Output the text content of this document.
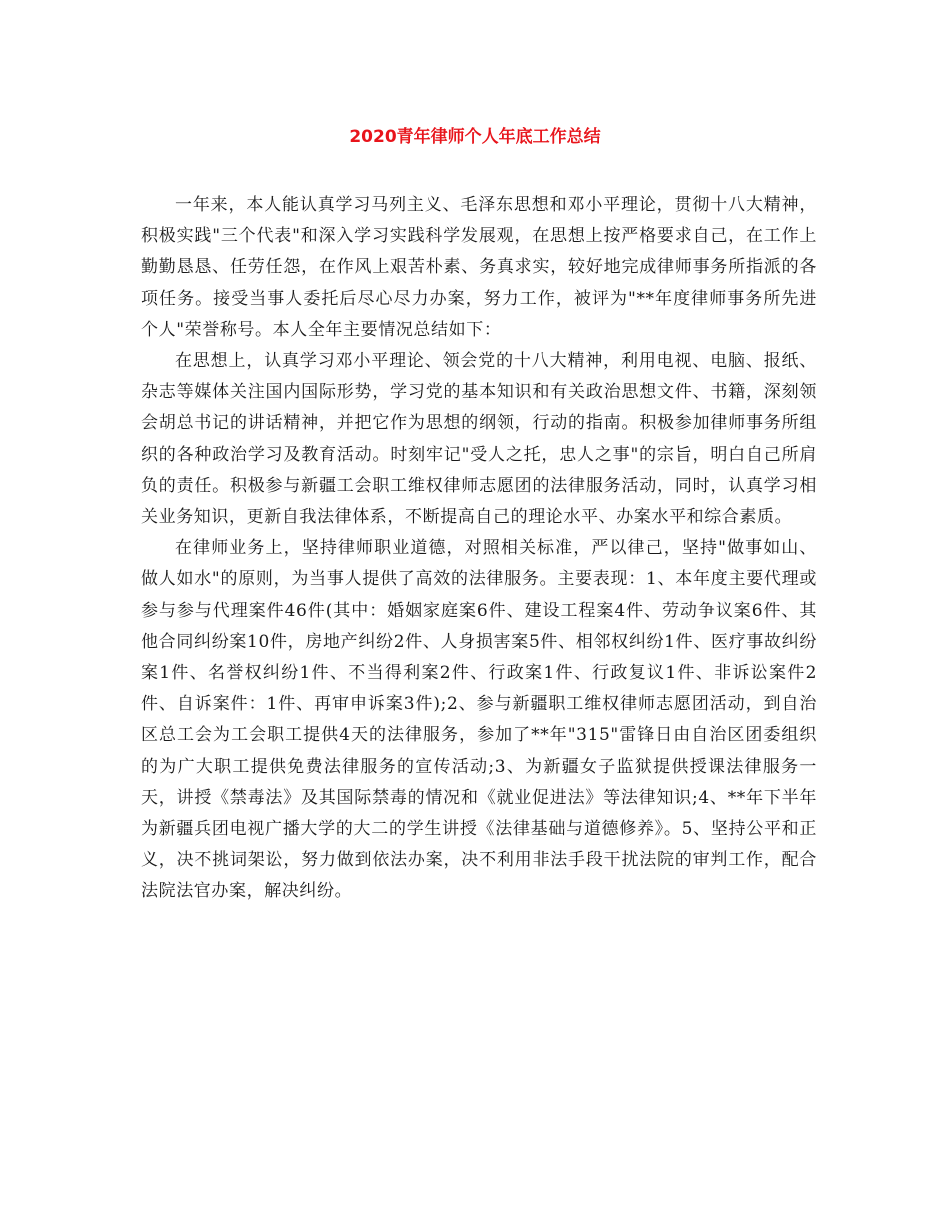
2020青年律师个人年底工作总结

一年来，本人能认真学习马列主义、毛泽东思想和邓小平理论，贯彻十八大精神，积极实践"三个代表"和深入学习实践科学发展观，在思想上按严格要求自己，在工作上勤勤恳恳、任劳任怨，在作风上艰苦朴素、务真求实，较好地完成律师事务所指派的各项任务。接受当事人委托后尽心尽力办案，努力工作，被评为"**年度律师事务所先进个人"荣誉称号。本人全年主要情况总结如下：

在思想上，认真学习邓小平理论、领会党的十八大精神，利用电视、电脑、报纸、杂志等媒体关注国内国际形势，学习党的基本知识和有关政治思想文件、书籍，深刻领会胡总书记的讲话精神，并把它作为思想的纲领，行动的指南。积极参加律师事务所组织的各种政治学习及教育活动。时刻牢记"受人之托，忠人之事"的宗旨，明白自己所肩负的责任。积极参与新疆工会职工维权律师志愿团的法律服务活动，同时，认真学习相关业务知识，更新自我法律体系，不断提高自己的理论水平、办案水平和综合素质。

在律师业务上，坚持律师职业道德，对照相关标准，严以律己，坚持"做事如山、做人如水"的原则，为当事人提供了高效的法律服务。主要表现：1、本年度主要代理或参与参与代理案件46件(其中：婚姻家庭案6件、建设工程案4件、劳动争议案6件、其他合同纠纷案10件，房地产纠纷2件、人身损害案5件、相邻权纠纷1件、医疗事故纠纷案1件、名誉权纠纷1件、不当得利案2件、行政案1件、行政复议1件、非诉讼案件2件、自诉案件：1件、再审申诉案3件);2、参与新疆职工维权律师志愿团活动，到自治区总工会为工会职工提供4天的法律服务，参加了**年"315"雷锋日由自治区团委组织的为广大职工提供免费法律服务的宣传活动;3、为新疆女子监狱提供授课法律服务一天，讲授《禁毒法》及其国际禁毒的情况和《就业促进法》等法律知识;4、**年下半年为新疆兵团电视广播大学的大二的学生讲授《法律基础与道德修养》。5、坚持公平和正义，决不挑词架讼，努力做到依法办案，决不利用非法手段干扰法院的审判工作，配合法院法官办案，解决纠纷。
